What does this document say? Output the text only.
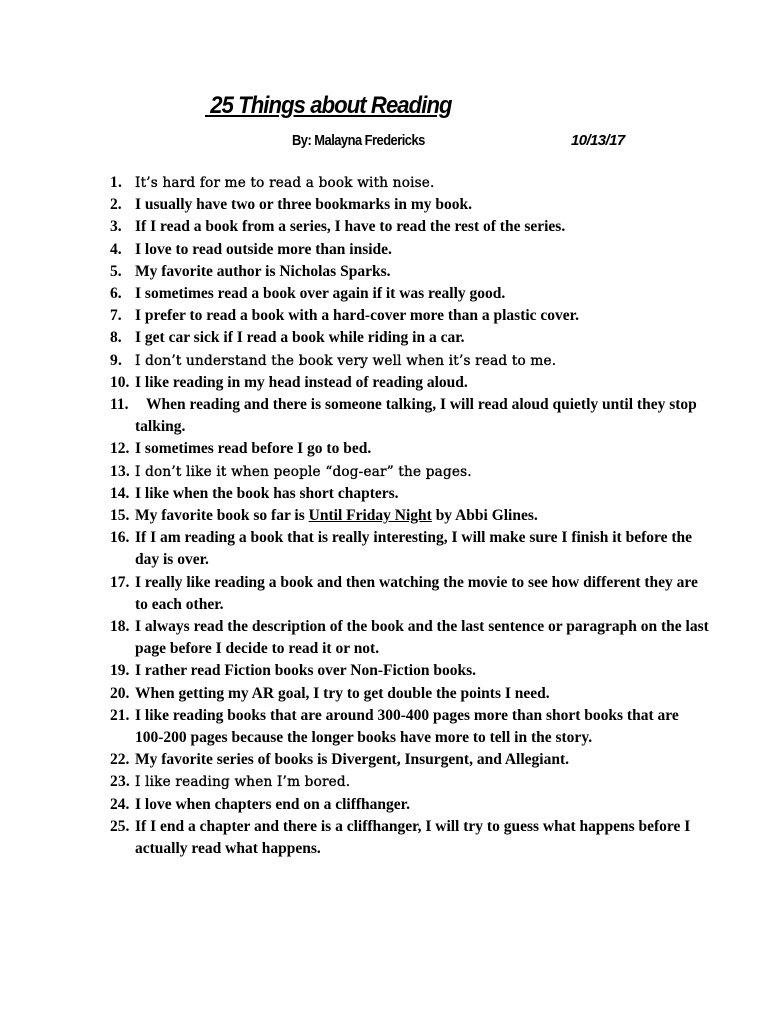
25 Things about Reading
By: Malayna Fredericks	10/13/17
1. It’s hard for me to read a book with noise.
2. I usually have two or three bookmarks in my book.
3. If I read a book from a series, I have to read the rest of the series.
4. I love to read outside more than inside.
5. My favorite author is Nicholas Sparks.
6. I sometimes read a book over again if it was really good.
7. I prefer to read a book with a hard-cover more than a plastic cover.
8. I get car sick if I read a book while riding in a car.
9. I don’t understand the book very well when it’s read to me.
10. I like reading in my head instead of reading aloud.
11.	When reading and there is someone talking, I will read aloud quietly until they stop talking.
12. I sometimes read before I go to bed.
13. I don’t like it when people “dog-ear” the pages.
14. I like when the book has short chapters.
15. My favorite book so far is Until Friday Night by Abbi Glines.
16. If I am reading a book that is really interesting, I will make sure I finish it before the day is over.
17. I really like reading a book and then watching the movie to see how different they are to each other.
18. I always read the description of the book and the last sentence or paragraph on the last page before I decide to read it or not.
19. I rather read Fiction books over Non-Fiction books.
20. When getting my AR goal, I try to get double the points I need.
21. I like reading books that are around 300-400 pages more than short books that are 100-200 pages because the longer books have more to tell in the story.
22. My favorite series of books is Divergent, Insurgent, and Allegiant.
23. I like reading when I’m bored.
24. I love when chapters end on a cliffhanger.
25. If I end a chapter and there is a cliffhanger, I will try to guess what happens before I actually read what happens.
